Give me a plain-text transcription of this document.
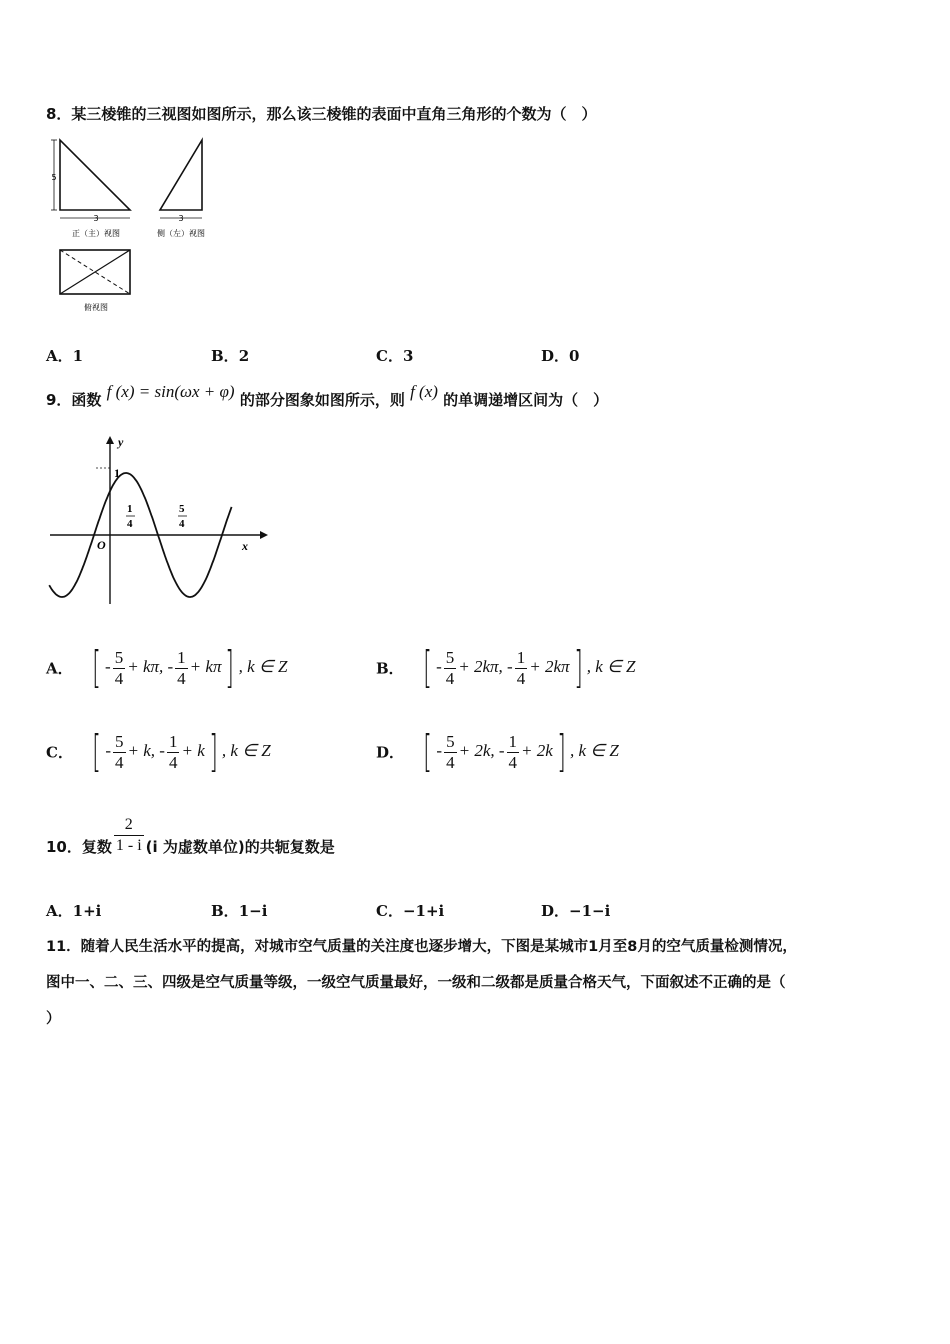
8．某三棱锥的三视图如图所示，那么该三棱锥的表面中直角三角形的个数为（　）
5
3
正（主）视图
3
侧（左）视图
俯视图
A．1	B．2	C．3	D．0
9．函数 f (x) = sin(ωx + φ) 的部分图象如图所示，则 f (x) 的单调递增区间为（　）
y
x
O
1
1
4
5
4
A． [ - $\frac{5}{4} + k\pi$, - $\frac{1}{4} + k\pi$] , k ∈ Z	B． [ - $\frac{5}{4} + 2k\pi$, - $\frac{1}{4} + 2k\pi$] , k ∈ Z
C． [ - $\frac{5}{4} + k$, - $\frac{1}{4} + k$] , k ∈ Z	D． [ - $\frac{5}{4} + 2k$, - $\frac{1}{4} + 2k$] , k ∈ Z
10．复数 $\frac{2}{1 - i} (i$ 为虚数单位)的共轭复数是
A．1+i	B．1−i	C．−1+i	D．−1−i
11．随着人民生活水平的提高，对城市空气质量的关注度也逐步增大，下图是某城市1月至8月的空气质量检测情况，
图中一、二、三、四级是空气质量等级，一级空气质量最好，一级和二级都是质量合格天气，下面叙述不正确的是（
）
